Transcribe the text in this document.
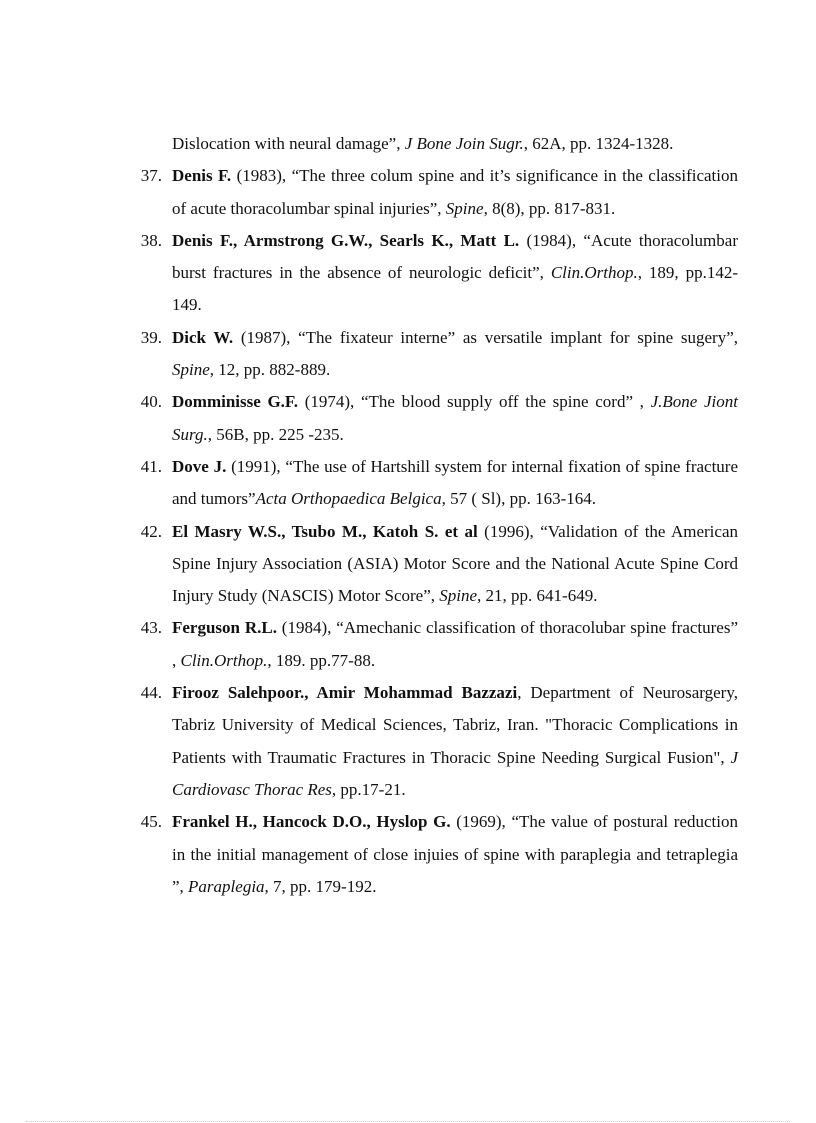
Dislocation with neural damage”, J Bone Join Sugr., 62A, pp. 1324-1328.
37. Denis F. (1983), “The three colum spine and it’s significance in the classification of acute thoracolumbar spinal injuries”, Spine, 8(8), pp. 817-831.
38. Denis F., Armstrong G.W., Searls K., Matt L. (1984), “Acute thoracolumbar burst fractures in the absence of neurologic deficit”, Clin.Orthop., 189, pp.142-149.
39. Dick W. (1987), “The fixateur interne” as versatile implant for spine sugery”, Spine, 12, pp. 882-889.
40. Domminisse G.F. (1974), “The blood supply off the spine cord” , J.Bone Jiont Surg., 56B, pp. 225 -235.
41. Dove J. (1991), “The use of Hartshill system for internal fixation of spine fracture and tumors”Acta Orthopaedica Belgica, 57 ( Sl), pp. 163-164.
42. El Masry W.S., Tsubo M., Katoh S. et al (1996), “Validation of the American Spine Injury Association (ASIA) Motor Score and the National Acute Spine Cord Injury Study (NASCIS) Motor Score”, Spine, 21, pp. 641-649.
43. Ferguson R.L. (1984), “Amechanic classification of thoracolubar spine fractures” , Clin.Orthop., 189. pp.77-88.
44. Firooz Salehpoor., Amir Mohammad Bazzazi, Department of Neurosargery, Tabriz University of Medical Sciences, Tabriz, Iran. "Thoracic Complications in Patients with Traumatic Fractures in Thoracic Spine Needing Surgical Fusion", J Cardiovasc Thorac Res, pp.17-21.
45. Frankel H., Hancock D.O., Hyslop G. (1969), “The value of postural reduction in the initial management of close injuies of spine with paraplegia and tetraplegia ”, Paraplegia, 7, pp. 179-192.
